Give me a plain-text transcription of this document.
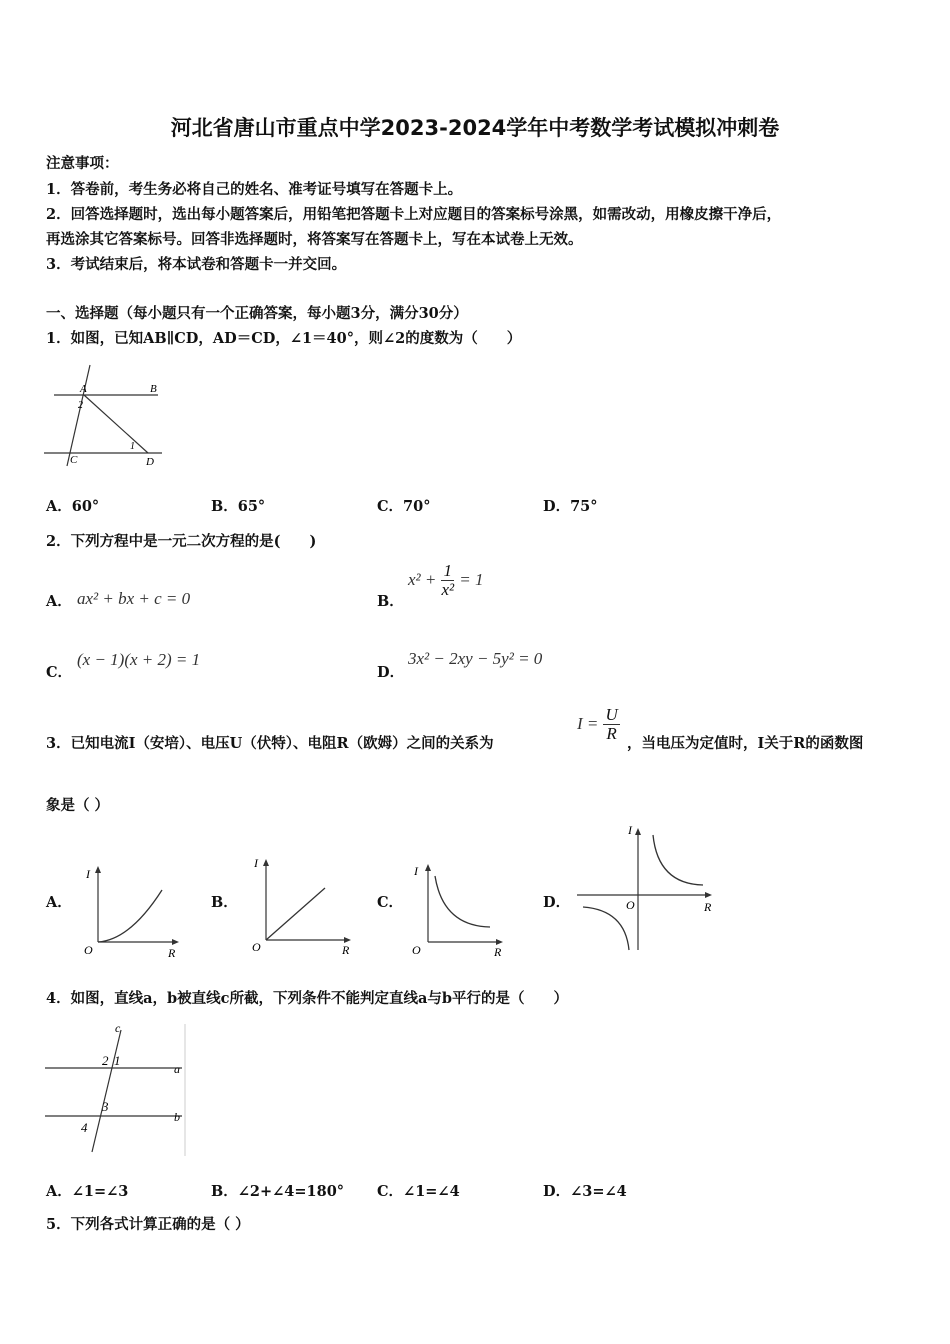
河北省唐山市重点中学2023-2024学年中考数学考试模拟冲刺卷
注意事项：
1．答卷前，考生务必将自己的姓名、准考证号填写在答题卡上。
2．回答选择题时，选出每小题答案后，用铅笔把答题卡上对应题目的答案标号涂黑，如需改动，用橡皮擦干净后，
再选涂其它答案标号。回答非选择题时，将答案写在答题卡上，写在本试卷上无效。
3．考试结束后，将本试卷和答题卡一并交回。
一、选择题（每小题只有一个正确答案，每小题3分，满分30分）
1．如图，已知AB∥CD，AD＝CD，∠1＝40°，则∠2的度数为（　　）
A	B
C	D
2
1
A．60°	B．65°	C．70°	D．75°
2．下列方程中是一元二次方程的是(　　)
A． ax² + bx + c = 0	B．
$x^2 + \frac{1}{\text{x²}} = 1$
C．
(x − 1)(x + 2) = 1
D．
3x² − 2xy − 5y² = 0
3．已知电流I（安培）、电压U（伏特）、电阻R（欧姆）之间的关系为
$I = \frac{U}{R}$
，当电压为定值时，I关于R的函数图
象是（ ）
A．
I
R
O
B．
I
R
O
C．
I
R
O
D．
I
R
O
4．如图，直线a，b被直线c所截，下列条件不能判定直线a与b平行的是（　　）
c
a
b
2 1
3
4
A．∠1=∠3	B．∠2+∠4=180° C．∠1=∠4	D．∠3=∠4
5．下列各式计算正确的是（ ）
